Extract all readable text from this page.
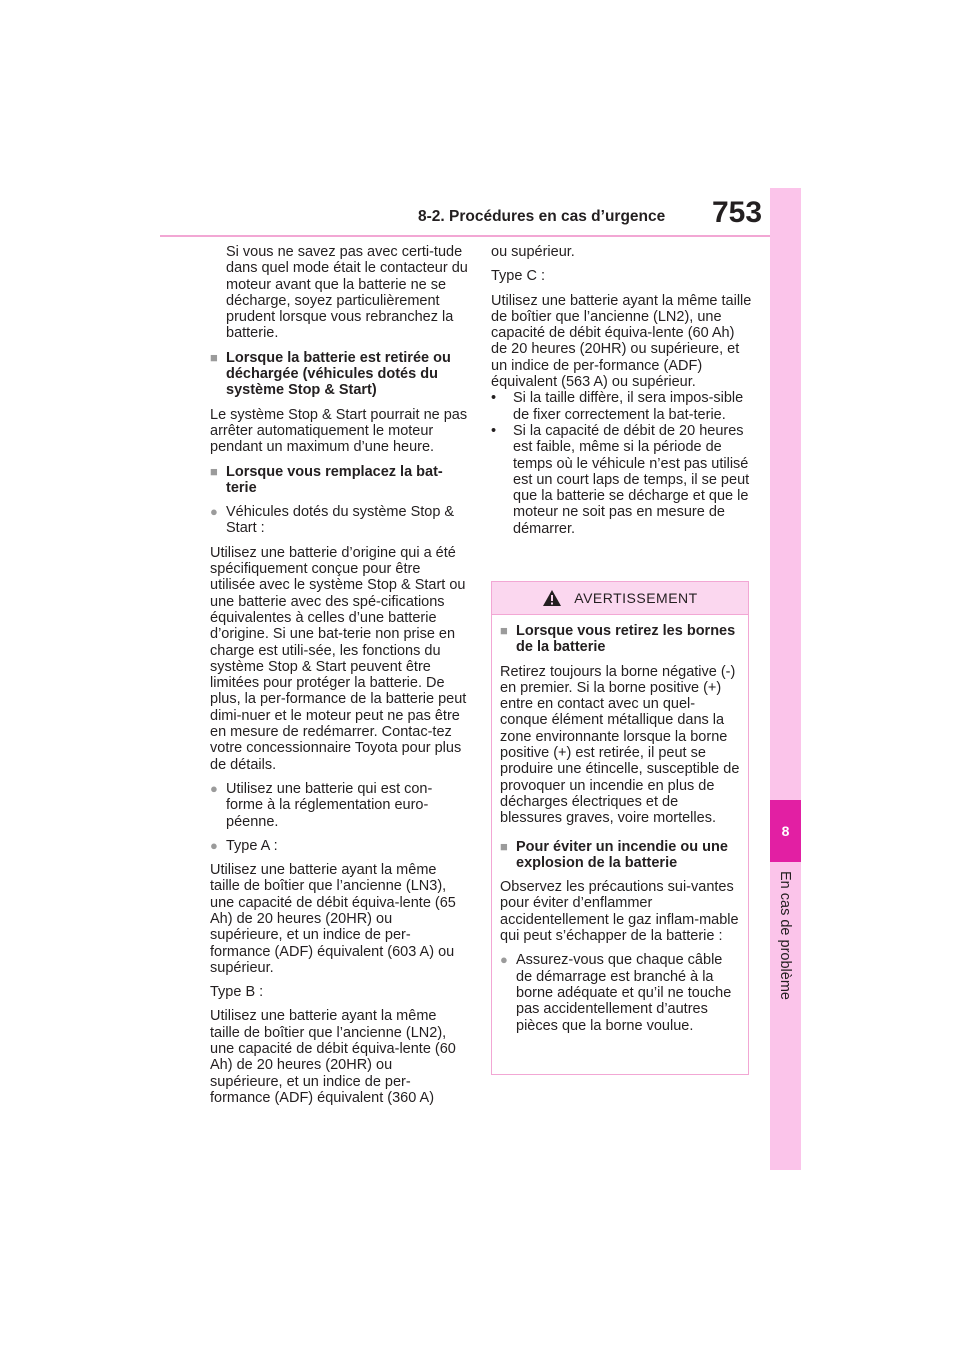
8-2. Procédures en cas d’urgence 753
8
En cas de problème

Si vous ne savez pas avec certi-tude dans quel mode était le contacteur du moteur avant que la batterie ne se décharge, soyez particulièrement prudent lorsque vous rebranchez la batterie.

■ Lorsque la batterie est retirée ou déchargée (véhicules dotés du système Stop & Start)

Le système Stop & Start pourrait ne pas arrêter automatiquement le moteur pendant un maximum d’une heure.

■ Lorsque vous remplacez la bat-terie
● Véhicules dotés du système Stop & Start :

Utilisez une batterie d’origine qui a été spécifiquement conçue pour être utilisée avec le système Stop & Start ou une batterie avec des spé-cifications équivalentes à celles d’une batterie d’origine. Si une bat-terie non prise en charge est utili-sée, les fonctions du système Stop & Start peuvent être limitées pour protéger la batterie. De plus, la per-formance de la batterie peut dimi-nuer et le moteur peut ne pas être en mesure de redémarrer. Contac-tez votre concessionnaire Toyota pour plus de détails.

● Utilisez une batterie qui est con-forme à la réglementation euro-péenne.
● Type A :

Utilisez une batterie ayant la même taille de boîtier que l’ancienne (LN3), une capacité de débit équiva-lente (65 Ah) de 20 heures (20HR) ou supérieure, et un indice de per-formance (ADF) équivalent (603 A) ou supérieur.

Type B :

Utilisez une batterie ayant la même taille de boîtier que l’ancienne (LN2), une capacité de débit équiva-lente (60 Ah) de 20 heures (20HR) ou supérieure, et un indice de per-formance (ADF) équivalent (360 A)

ou supérieur.

Type C :

Utilisez une batterie ayant la même taille de boîtier que l’ancienne (LN2), une capacité de débit équiva-lente (60 Ah) de 20 heures (20HR) ou supérieure, et un indice de per-formance (ADF) équivalent (563 A) ou supérieur.

•	Si la taille diffère, il sera impos-sible de fixer correctement la bat-terie.
•	Si la capacité de débit de 20 heures est faible, même si la période de temps où le véhicule n’est pas utilisé est un court laps de temps, il se peut que la batterie se décharge et que le moteur ne soit pas en mesure de démarrer.
AVERTISSEMENT
■ Lorsque vous retirez les bornes de la batterie

Retirez toujours la borne négative (-) en premier. Si la borne positive (+) entre en contact avec un quel-conque élément métallique dans la zone environnante lorsque la borne positive (+) est retirée, il peut se produire une étincelle, susceptible de provoquer un incendie en plus de décharges électriques et de blessures graves, voire mortelles.

■ Pour éviter un incendie ou une explosion de la batterie

Observez les précautions sui-vantes pour éviter d’enflammer accidentellement le gaz inflam-mable qui peut s’échapper de la batterie :

● Assurez-vous que chaque câble de démarrage est branché à la borne adéquate et qu’il ne touche pas accidentellement d’autres pièces que la borne voulue.
